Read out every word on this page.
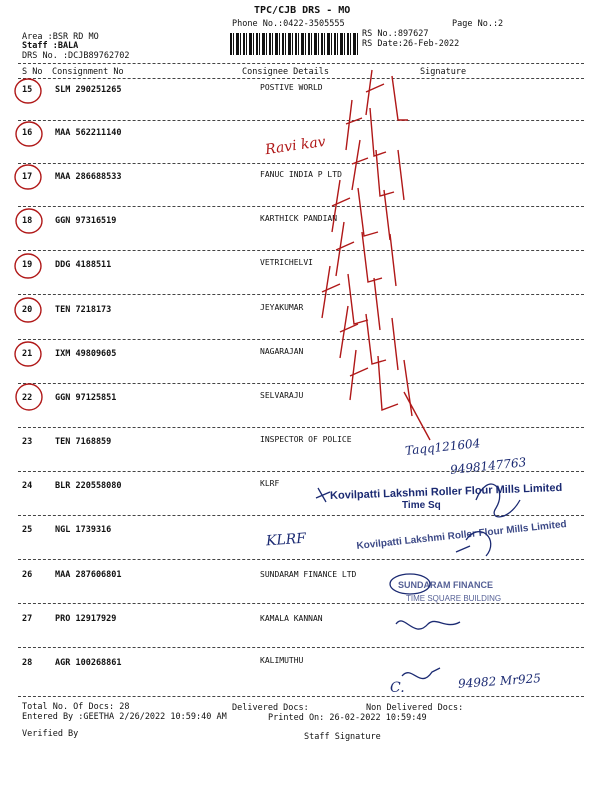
TPC/CJB DRS - MO
Phone No.:0422-3505555	Page No.:2
Area :BSR RD MO
Staff :BALA
DRS No. :DCJB89762702
RS No.:897627
RS Date:26-Feb-2022
S No Consignment No	Consignee Details	Signature
15	SLM 290251265	POSTIVE WORLD
16	MAA 562211140
17	MAA 286688533	FANUC INDIA P LTD
18	GGN 97316519	KARTHICK PANDIAN
19	DDG 4188511	VETRICHELVI
20	TEN 7218173	JEYAKUMAR
21	IXM 49809605	NAGARAJAN
22	GGN 97125851	SELVARAJU
23	TEN 7168859	INSPECTOR OF POLICE
24	BLR 220558080	KLRF
25	NGL 1739316
26	MAA 287606801	SUNDARAM FINANCE LTD
27	PRO 12917929	KAMALA KANNAN
28	AGR 100268861	KALIMUTHU
Total No. Of Docs: 28	Delivered Docs:	Non Delivered Docs:
Entered By :GEETHA 2/26/2022 10:59:40 AM	Printed On: 26-02-2022 10:59:49
Verified By	Staff Signature
Ravi kav
Taqq121604
9498147763
KLRF
94982 Mr925
C.
Kovilpatti Lakshmi Roller Flour Mills Limited
Time Sq
Kovilpatti Lakshmi Roller Flour Mills Limited
SUNDARAM FINANCE
TIME SQUARE BUILDING
